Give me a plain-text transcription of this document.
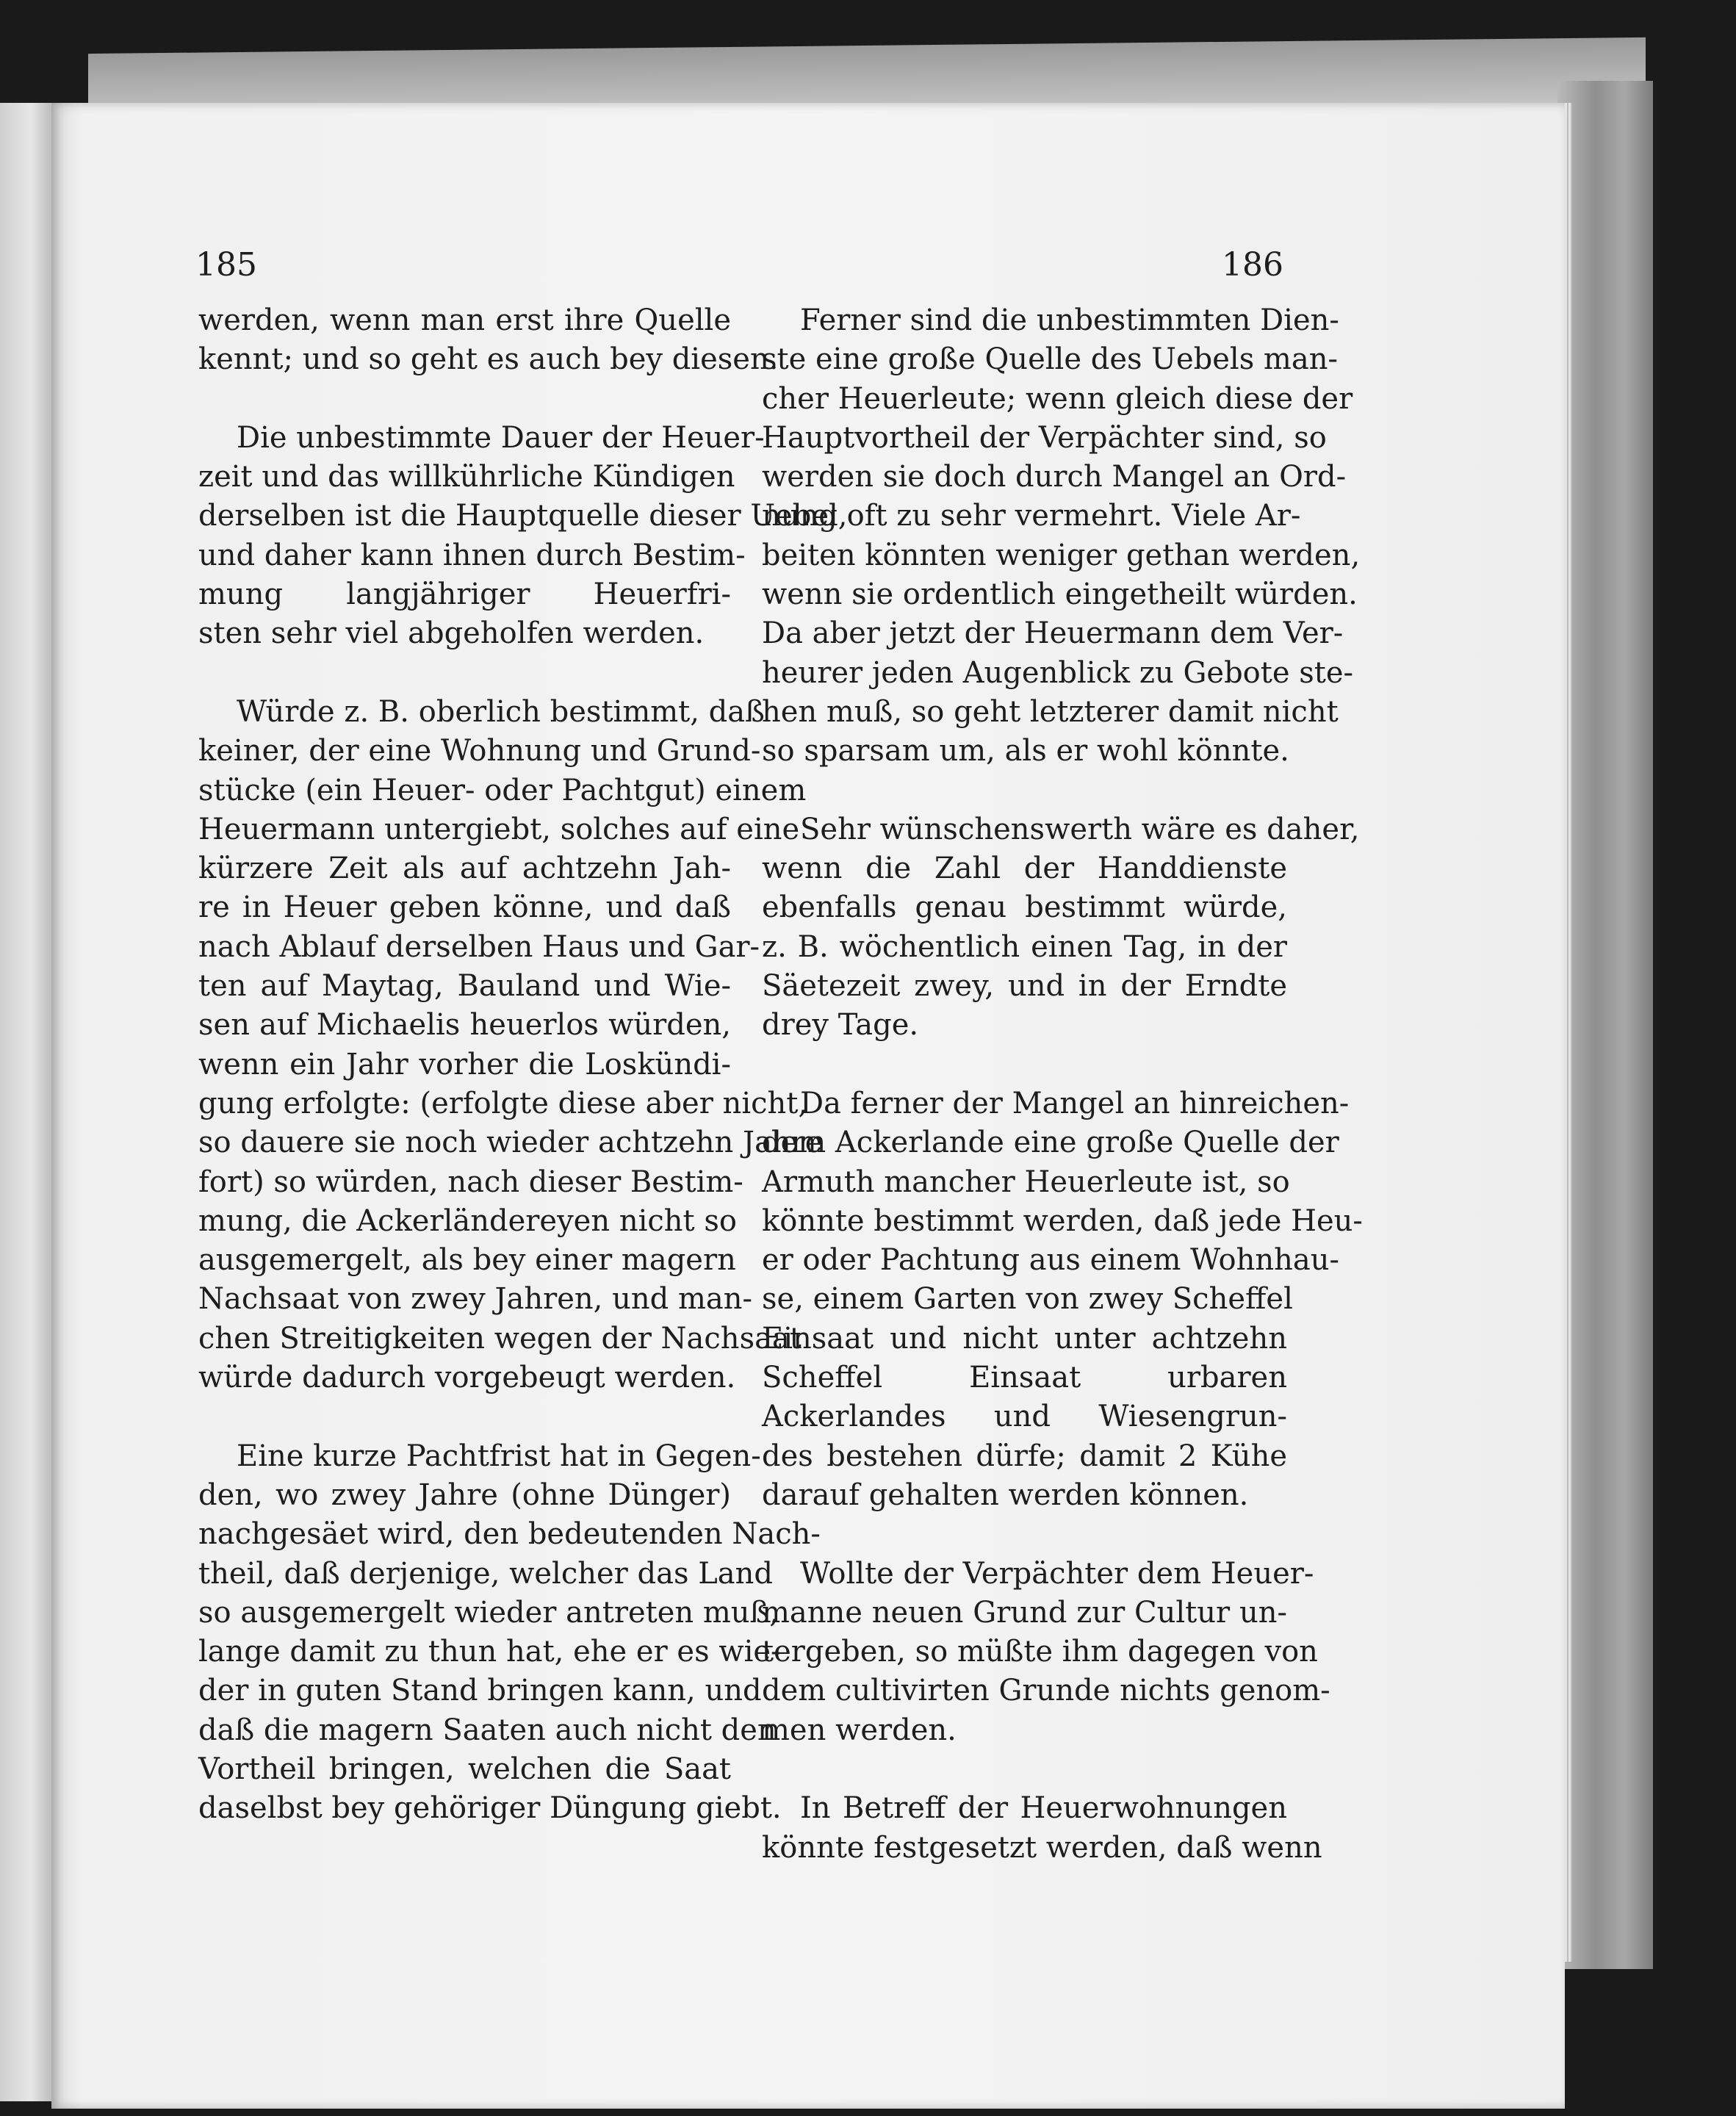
185	186

werden, wenn man erst ihre Quelle
kennt; und so geht es auch bey diesen.

Die unbestimmte Dauer der Heuer-
zeit und das willkührliche Kündigen
derselben ist die Hauptquelle dieser Uebel,
und daher kann ihnen durch Bestim-
mung langjähriger Heuerfri-
sten sehr viel abgeholfen werden.

Würde z. B. oberlich bestimmt, daß
keiner, der eine Wohnung und Grund-
stücke (ein Heuer- oder Pachtgut) einem
Heuermann untergiebt, solches auf eine
kürzere Zeit als auf achtzehn Jah-
re in Heuer geben könne, und daß
nach Ablauf derselben Haus und Gar-
ten auf Maytag, Bauland und Wie-
sen auf Michaelis heuerlos würden,
wenn ein Jahr vorher die Loskündi-
gung erfolgte: (erfolgte diese aber nicht,
so dauere sie noch wieder achtzehn Jahre
fort) so würden, nach dieser Bestim-
mung, die Ackerländereyen nicht so
ausgemergelt, als bey einer magern
Nachsaat von zwey Jahren, und man-
chen Streitigkeiten wegen der Nachsaat
würde dadurch vorgebeugt werden.

Eine kurze Pachtfrist hat in Gegen-
den, wo zwey Jahre (ohne Dünger)
nachgesäet wird, den bedeutenden Nach-
theil, daß derjenige, welcher das Land
so ausgemergelt wieder antreten muß,
lange damit zu thun hat, ehe er es wie-
der in guten Stand bringen kann, und
daß die magern Saaten auch nicht den
Vortheil bringen, welchen die Saat
daselbst bey gehöriger Düngung giebt.

Ferner sind die unbestimmten Dien-
ste eine große Quelle des Uebels man-
cher Heuerleute; wenn gleich diese der
Hauptvortheil der Verpächter sind, so
werden sie doch durch Mangel an Ord-
nung oft zu sehr vermehrt. Viele Ar-
beiten könnten weniger gethan werden,
wenn sie ordentlich eingetheilt würden.
Da aber jetzt der Heuermann dem Ver-
heurer jeden Augenblick zu Gebote ste-
hen muß, so geht letzterer damit nicht
so sparsam um, als er wohl könnte.

Sehr wünschenswerth wäre es daher,
wenn die Zahl der Handdienste
ebenfalls genau bestimmt würde,
z. B. wöchentlich einen Tag, in der
Säetezeit zwey, und in der Erndte
drey Tage.

Da ferner der Mangel an hinreichen-
dem Ackerlande eine große Quelle der
Armuth mancher Heuerleute ist, so
könnte bestimmt werden, daß jede Heu-
er oder Pachtung aus einem Wohnhau-
se, einem Garten von zwey Scheffel
Einsaat und nicht unter achtzehn
Scheffel Einsaat urbaren
Ackerlandes und Wiesengrun-
des bestehen dürfe; damit 2 Kühe
darauf gehalten werden können.

Wollte der Verpächter dem Heuer-
manne neuen Grund zur Cultur un-
tergeben, so müßte ihm dagegen von
dem cultivirten Grunde nichts genom-
men werden.

In Betreff der Heuerwohnungen
könnte festgesetzt werden, daß wenn
